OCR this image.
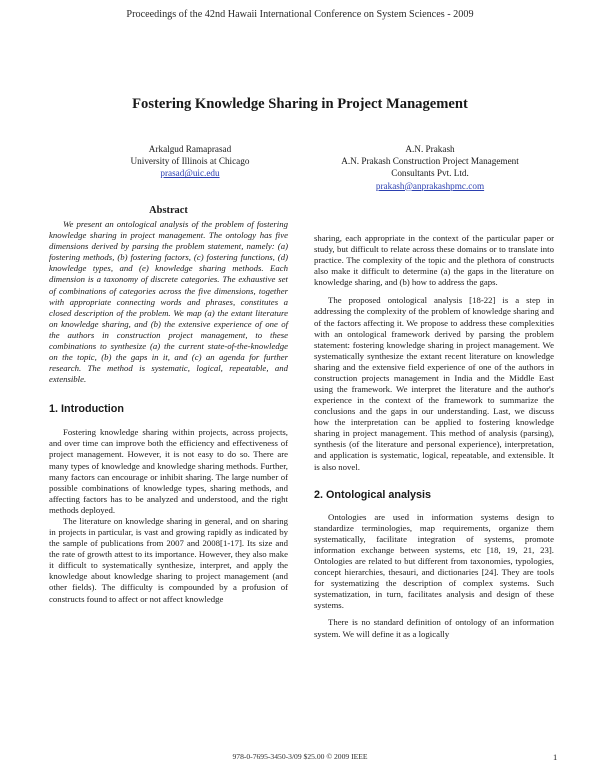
Proceedings of the 42nd Hawaii International Conference on System Sciences - 2009
Fostering Knowledge Sharing in Project Management
Arkalgud Ramaprasad
University of Illinois at Chicago
prasad@uic.edu
A.N. Prakash
A.N. Prakash Construction Project Management
Consultants Pvt. Ltd.
prakash@anprakashpmc.com
Abstract
We present an ontological analysis of the problem of fostering knowledge sharing in project management. The ontology has five dimensions derived by parsing the problem statement, namely: (a) fostering methods, (b) fostering factors, (c) fostering functions, (d) knowledge types, and (e) knowledge sharing methods. Each dimension is a taxonomy of discrete categories. The exhaustive set of combinations of categories across the five dimensions, together with appropriate connecting words and phrases, constitutes a closed description of the problem. We map (a) the extant literature on knowledge sharing, and (b) the extensive experience of one of the authors in construction project management, to these combinations to synthesize (a) the current state-of-the-knowledge on the topic, (b) the gaps in it, and (c) an agenda for further research. The method is systematic, logical, repeatable, and extensible.
1. Introduction
Fostering knowledge sharing within projects, across projects, and over time can improve both the efficiency and effectiveness of project management. However, it is not easy to do so. There are many types of knowledge and knowledge sharing methods. Further, many factors can encourage or inhibit sharing. The large number of possible combinations of knowledge types, sharing methods, and affecting factors has to be analyzed and understood, and the right methods deployed.
The literature on knowledge sharing in general, and on sharing in projects in particular, is vast and growing rapidly as indicated by the sample of publications from 2007 and 2008[1-17]. Its size and the rate of growth attest to its importance. However, they also make it difficult to systematically synthesize, interpret, and apply the knowledge about knowledge sharing to project management (and other fields). The difficulty is compounded by a profusion of constructs found to affect or not affect knowledge
sharing, each appropriate in the context of the particular paper or study, but difficult to relate across these domains or to translate into practice. The complexity of the topic and the plethora of constructs also make it difficult to determine (a) the gaps in the literature on knowledge sharing, and (b) how to address the gaps.
The proposed ontological analysis [18-22] is a step in addressing the complexity of the problem of knowledge sharing and of the factors affecting it. We propose to address these complexities with an ontological framework derived by parsing the problem statement: fostering knowledge sharing in project management. We systematically synthesize the extant recent literature on knowledge sharing and the extensive field experience of one of the authors in construction projects management in India and the Middle East using the framework. We interpret the literature and the author's experience in the context of the framework to summarize the conclusions and the gaps in our understanding. Last, we discuss how the interpretation can be applied to fostering knowledge sharing in project management. This method of analysis (parsing), synthesis (of the literature and personal experience), interpretation, and application is systematic, logical, repeatable, and extensible. It is also novel.
2. Ontological analysis
Ontologies are used in information systems design to standardize terminologies, map requirements, organize them systematically, facilitate integration of systems, promote information exchange between systems, etc [18, 19, 21, 23]. Ontologies are related to but different from taxonomies, typologies, concept hierarchies, thesauri, and dictionaries [24]. They are tools for systematizing the description of complex systems. Such systematization, in turn, facilitates analysis and design of these systems.
There is no standard definition of ontology of an information system. We will define it as a logically
978-0-7695-3450-3/09 $25.00 © 2009 IEEE	1
